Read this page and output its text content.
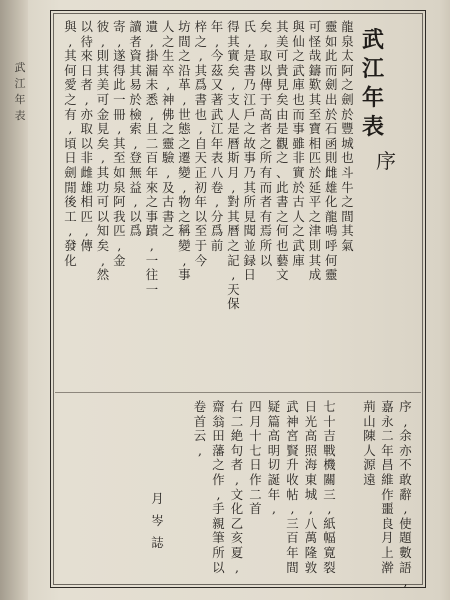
武
江
年
表
武
江
年
表
序
龍
泉
太
阿
之
劍
於
豐
城
也
斗
牛
之
間
其
氣
靈
如
此
而
劍
出
於
石
函
則
雌
雄
化
龍
鳴
呼
何
靈
可
怪
哉
鑄
歎
其
至
寶
相
匹
於
延
平
之
津
則
其
成
與
仙
之
武
庫
也
而
事
雖
非
實
於
古
人
之
武
庫
其
美
可
貴
見
矣
由
是
觀
之
、
此
書
之
何
也
藝
文
矣
,
取
以
傳
于
高
者
之
所
有
而
者
有
焉
所
以
氏
,
是
書
乃
江
戶
之
故
事
乃
其
所
見
聞
並
録
日
得
其
實
矣
,
支
人
是
曆
斯
月
,
對
其
曆
之
記
,
天
保
年
,
今
茲
又
著
武
江
年
表
八
卷
,
分
爲
前
梓
之
,
其
爲
書
也
,
自
天
正
初
年
以
至
于
今
坊
間
之
沿
革
,
世
態
之
遷
變
,
物
之
稱
變
,
事
人
之
生
卒
,
神
佛
之
靈
驗
,
及
古
書
之
遺
,
掛
漏
未
悉
,
且
二
百
年
來
之
事
蹟
,
一
往
一
讀
者
資
其
易
於
檢
索
,
登
無
益
,
以
爲
寄
,
遂
得
此
一
冊
,
其
至
如
泉
阿
我
匹
,
金
彼
,
則
其
美
可
金
見
矣
,
其
功
可
以
知
矣
,
然
以
待
來
日
者
,
亦
取
以
非
雌
雄
相
匹
,
傳
與
,
其
何
愛
之
有
,
頃
日
劍
閒
後
工
,
發
化
序
,
余
亦
不
敢
辭
,
使
題
數
語
,
嘉
永
二
年
昌
維
作
噩
良
月
上
澣
荊
山
陳
人
源
遠
七
十
吉
戰
機
關
三
,
紙
幅
寛
裂
日
光
高
照
海
東
城
,
八
萬
隆
敦
武
神
宮
賢
升
收
帖
,
三
百
年
間
疑
篇
高
明
切
誕
年
,
四
月
十
七
日
作
二
首
右
二
絶
句
者
,
文
化
乙
亥
夏
,
齋
翁
田
藩
之
作
,
手
親
筆
所
以
卷
首
云
,
月
岑
誌
